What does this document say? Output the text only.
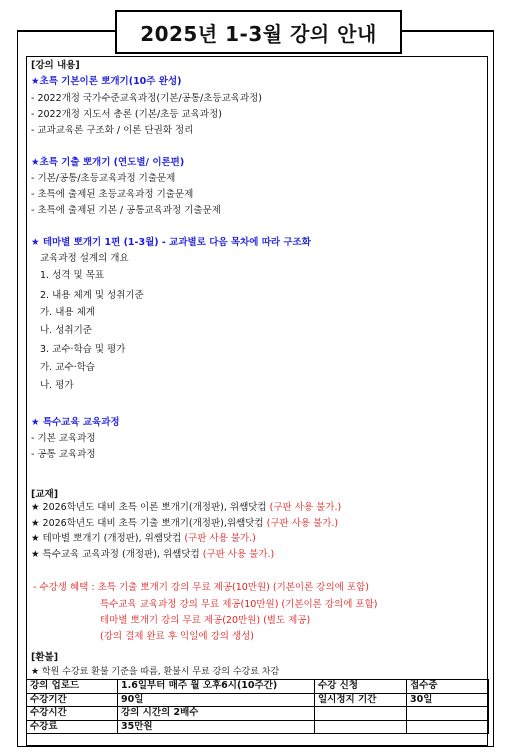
2025년 1-3월 강의 안내
[강의 내용]
★초특 기본이론 뽀개기(10주 완성)
- 2022개정 국가수준교육과정(기본/공통/초등교육과정)
- 2022개정 지도서 총론 (기본/초등 교육과정)
- 교과교육론 구조화 / 이론 단권화 정리
★초특 기출 뽀개기 (연도별/ 이론편)
- 기본/공통/초등교육과정 기출문제
- 초특에 출제된 초등교육과정 기출문제
- 초특에 출제된 기본 / 공통교육과정 기출문제
★ 테마별 뽀개기 1편 (1-3월) - 교과별로 다음 목차에 따라 구조화
교육과정 설계의 개요
1. 성격 및 목표
2. 내용 체계 및 성취기준
가. 내용 체계
나. 성취기준
3. 교수·학습 및 평가
가. 교수·학습
나. 평가
★ 특수교육 교육과정
- 기본 교육과정
- 공통 교육과정
[교재]
★ 2026학년도 대비 초특 이론 뽀개기(개정판), 위쌤닷컴 (구판 사용 불가.)
★ 2026학년도 대비 초특 기출 뽀개기(개정판),위쌤닷컴 (구판 사용 불가.)
★ 테마별 뽀개기 (개정판), 위쌤닷컴 (구판 사용 불가.)
★ 특수교육 교육과정 (개정판), 위쌤닷컴 (구판 사용 불가.)
- 수강생 혜택 : 초특 기출 뽀개기 강의 무료 제공(10만원) (기본이론 강의에 포함)
특수교육 교육과정 강의 무료 제공(10만원) (기본이론 강의에 포함)
테마별 뽀개기 강의 무료 제공(20만원) (별도 제공)
(강의 결제 완료 후 익일에 강의 생성)
[환불]
★ 학원 수강료 환불 기준을 따름, 환불시 무료 강의 수강료 차감
강의 업로드	1.6일부터 매주 월 오후6시(10주간)	수강 신청	접수중
수강기간	90일	일시정지 기간	30일
수강시간	강의 시간의 2배수		
수강료	35만원		
